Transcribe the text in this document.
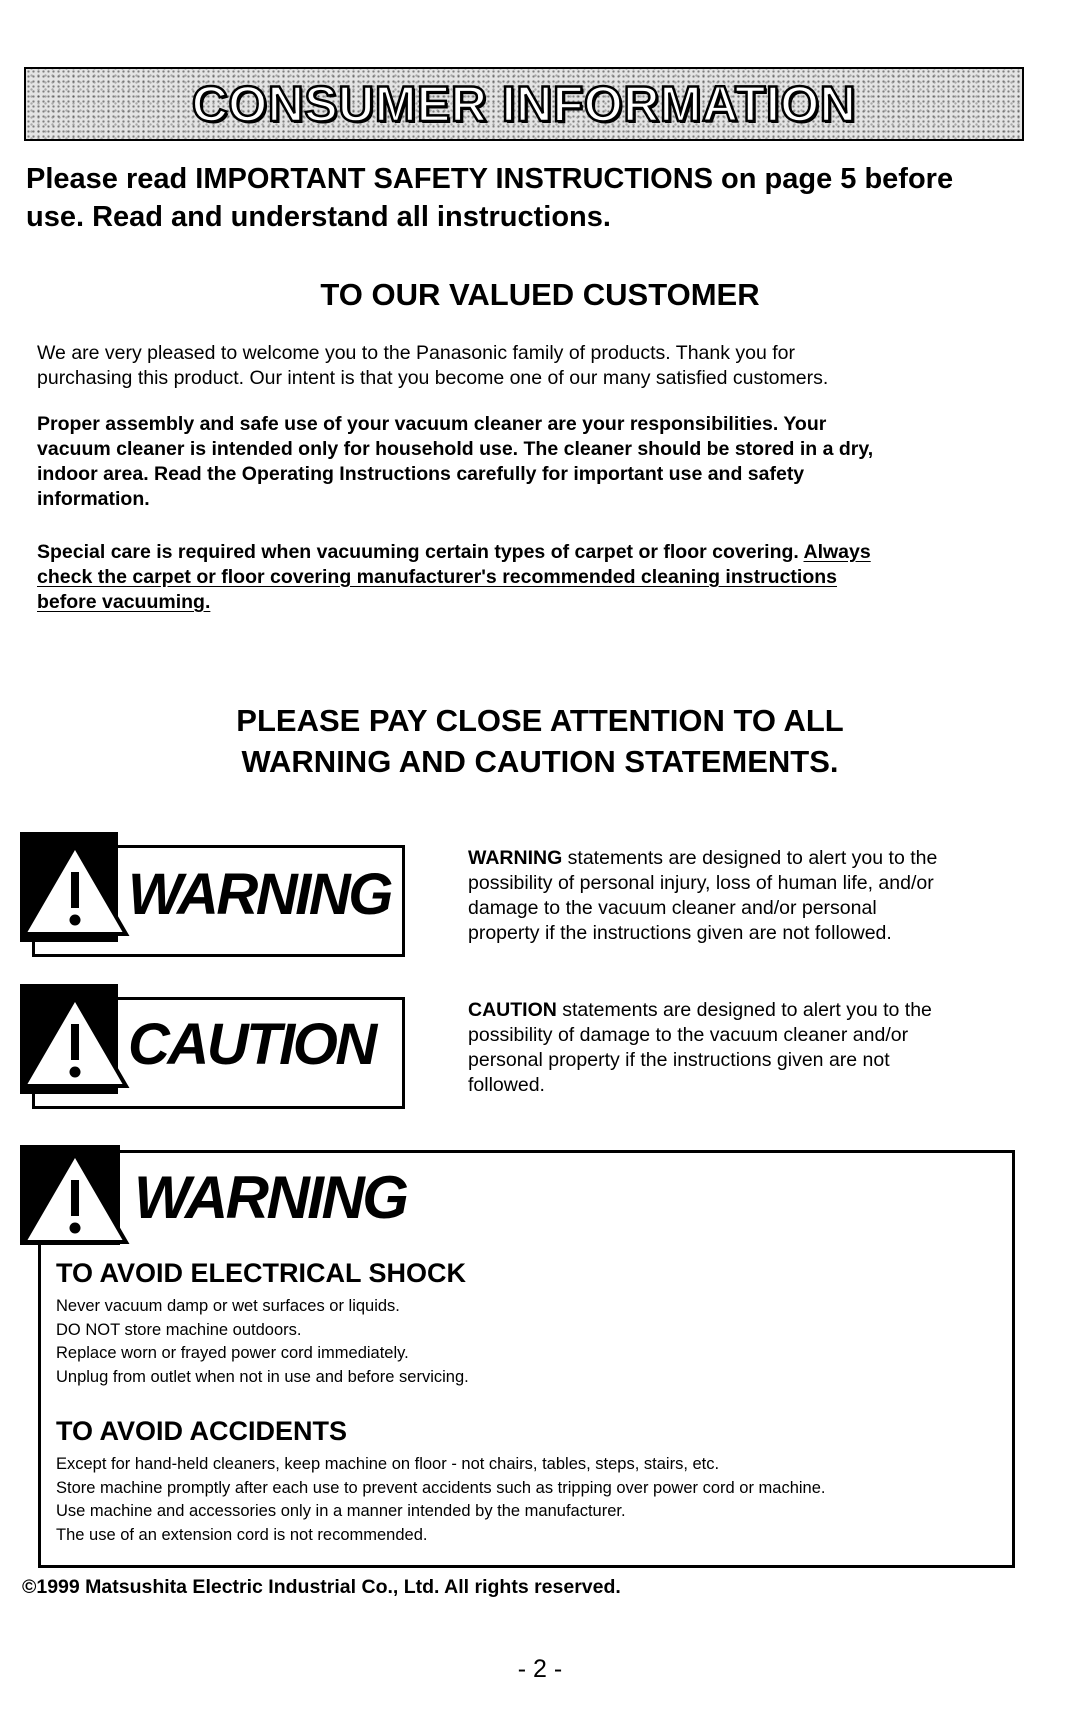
CONSUMER INFORMATION
Please read IMPORTANT SAFETY INSTRUCTIONS on page 5 before
use. Read and understand all instructions.
TO OUR VALUED CUSTOMER
We are very pleased to welcome you to the Panasonic family of products. Thank you for
purchasing this product. Our intent is that you become one of our many satisfied customers.
Proper assembly and safe use of your vacuum cleaner are your responsibilities. Your
vacuum cleaner is intended only for household use. The cleaner should be stored in a dry,
indoor area. Read the Operating Instructions carefully for important use and safety
information.
Special care is required when vacuuming certain types of carpet or floor covering. Always
check the carpet or floor covering manufacturer's recommended cleaning instructions
before vacuuming.
PLEASE PAY CLOSE ATTENTION TO ALL
WARNING AND CAUTION STATEMENTS.
WARNING
WARNING statements are designed to alert you to the
possibility of personal injury, loss of human life, and/or
damage to the vacuum cleaner and/or personal
property if the instructions given are not followed.
CAUTION
CAUTION statements are designed to alert you to the
possibility of damage to the vacuum cleaner and/or
personal property if the instructions given are not
followed.
WARNING
TO AVOID ELECTRICAL SHOCK
Never vacuum damp or wet surfaces or liquids.
DO NOT store machine outdoors.
Replace worn or frayed power cord immediately.
Unplug from outlet when not in use and before servicing.
TO AVOID ACCIDENTS
Except for hand-held cleaners, keep machine on floor - not chairs, tables, steps, stairs, etc.
Store machine promptly after each use to prevent accidents such as tripping over power cord or machine.
Use machine and accessories only in a manner intended by the manufacturer.
The use of an extension cord is not recommended.
©1999 Matsushita Electric Industrial Co., Ltd. All rights reserved.
- 2 -
